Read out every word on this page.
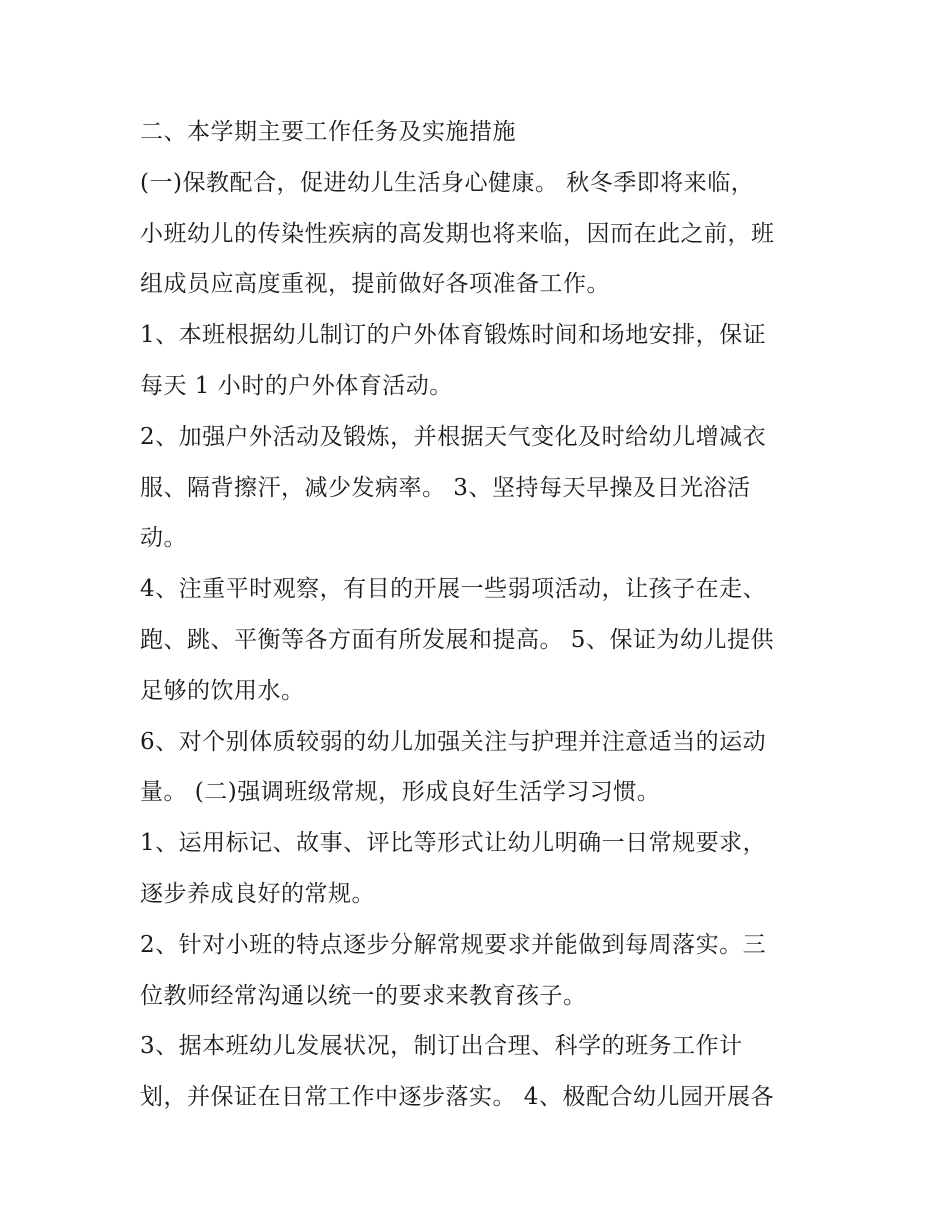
二、本学期主要工作任务及实施措施
(一)保教配合，促进幼儿生活身心健康。 秋冬季即将来临，
小班幼儿的传染性疾病的高发期也将来临，因而在此之前，班
组成员应高度重视，提前做好各项准备工作。
1、本班根据幼儿制订的户外体育锻炼时间和场地安排，保证
每天 1 小时的户外体育活动。
2、加强户外活动及锻炼，并根据天气变化及时给幼儿增减衣
服、隔背擦汗，减少发病率。 3、坚持每天早操及日光浴活
动。
4、注重平时观察，有目的开展一些弱项活动，让孩子在走、
跑、跳、平衡等各方面有所发展和提高。 5、保证为幼儿提供
足够的饮用水。
6、对个别体质较弱的幼儿加强关注与护理并注意适当的运动
量。 (二)强调班级常规，形成良好生活学习习惯。
1、运用标记、故事、评比等形式让幼儿明确一日常规要求，
逐步养成良好的常规。
2、针对小班的特点逐步分解常规要求并能做到每周落实。三
位教师经常沟通以统一的要求来教育孩子。
3、据本班幼儿发展状况，制订出合理、科学的班务工作计
划，并保证在日常工作中逐步落实。 4、极配合幼儿园开展各
